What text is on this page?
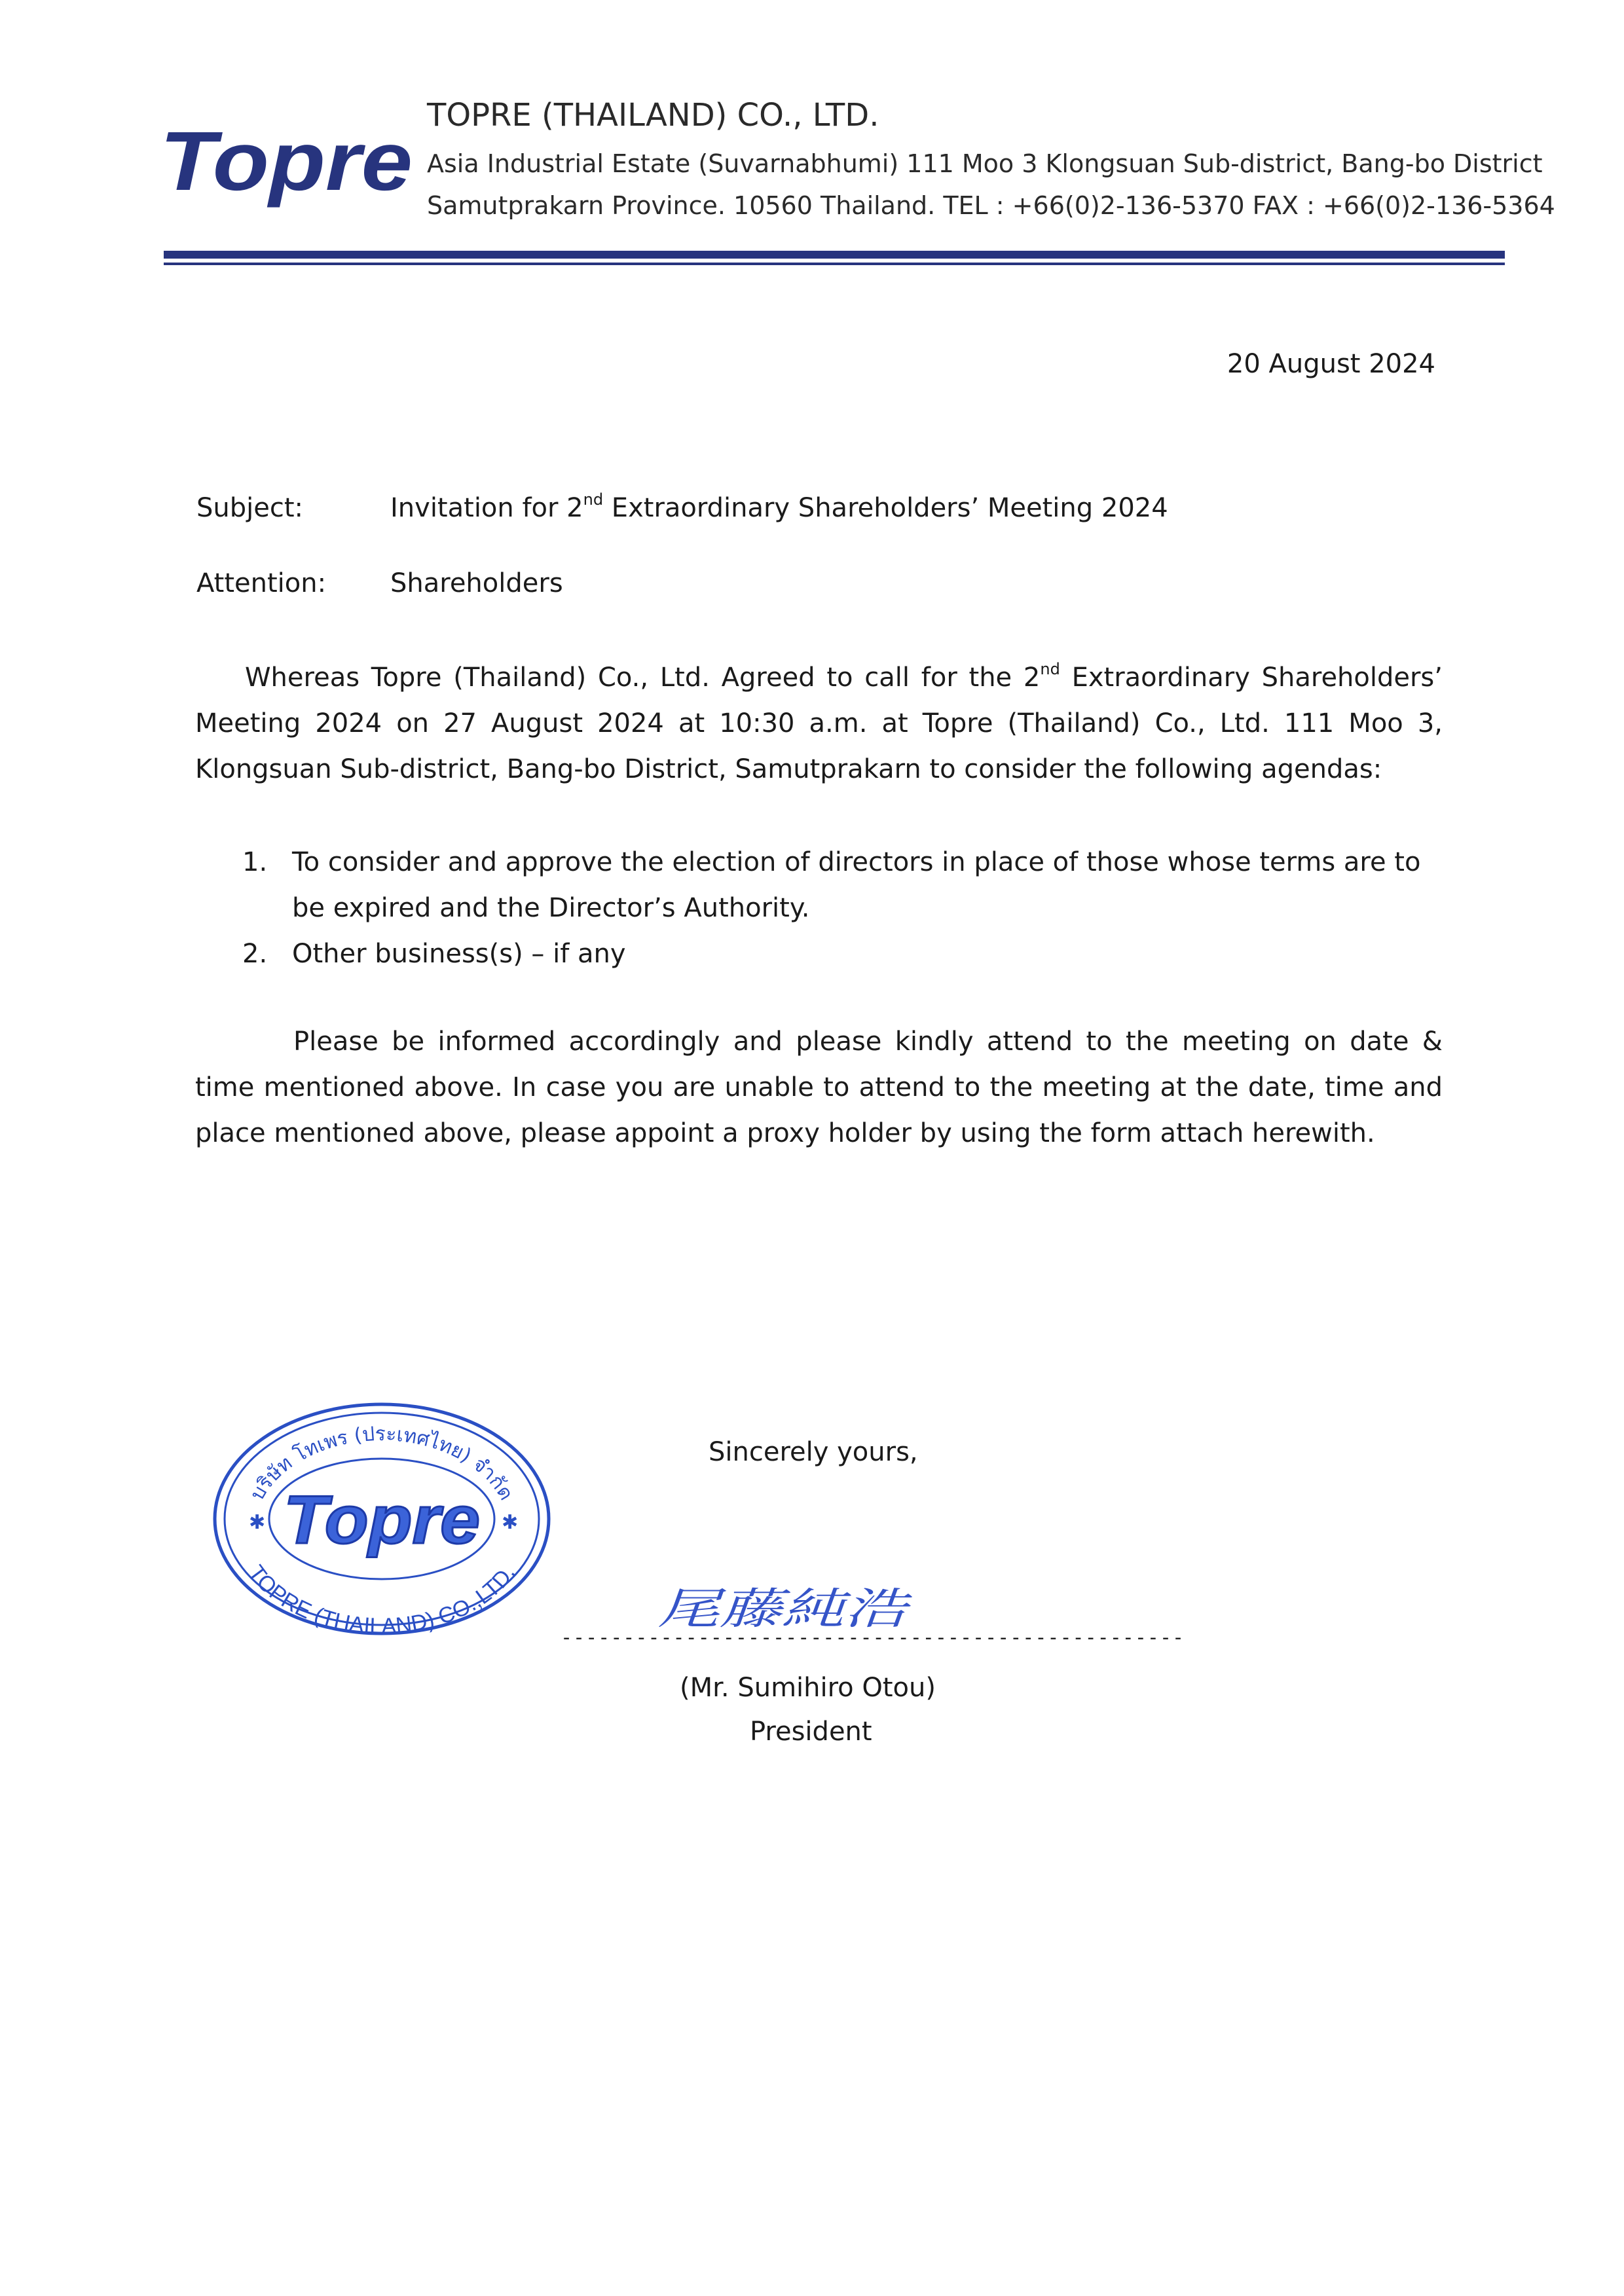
Topre TOPRE (THAILAND) CO., LTD.
Asia Industrial Estate (Suvarnabhumi) 111 Moo 3 Klongsuan Sub-district, Bang-bo District
Samutprakarn Province. 10560 Thailand. TEL : +66(0)2-136-5370 FAX : +66(0)2-136-5364
20 August 2024
Subject:	Invitation for 2nd Extraordinary Shareholders’ Meeting 2024
Attention: Shareholders
Whereas Topre (Thailand) Co., Ltd. Agreed to call for the 2nd Extraordinary Shareholders’ Meeting 2024 on 27 August 2024 at 10:30 a.m. at Topre (Thailand) Co., Ltd. 111 Moo 3, Klongsuan Sub-district, Bang-bo District, Samutprakarn to consider the following agendas:
1. To consider and approve the election of directors in place of those whose terms are to be expired and the Director’s Authority.
2. Other business(s) – if any
Please be informed accordingly and please kindly attend to the meeting on date & time mentioned above. In case you are unable to attend to the meeting at the date, time and place mentioned above, please appoint a proxy holder by using the form attach herewith.
บริษัท โทเพร (ประเทศไทย) จำกัด
TOPRE (THAILAND) CO.,LTD.
✱	✱
Topre
Sincerely yours,
尾藤純浩
--------------------------------------------------
(Mr. Sumihiro Otou)
President
